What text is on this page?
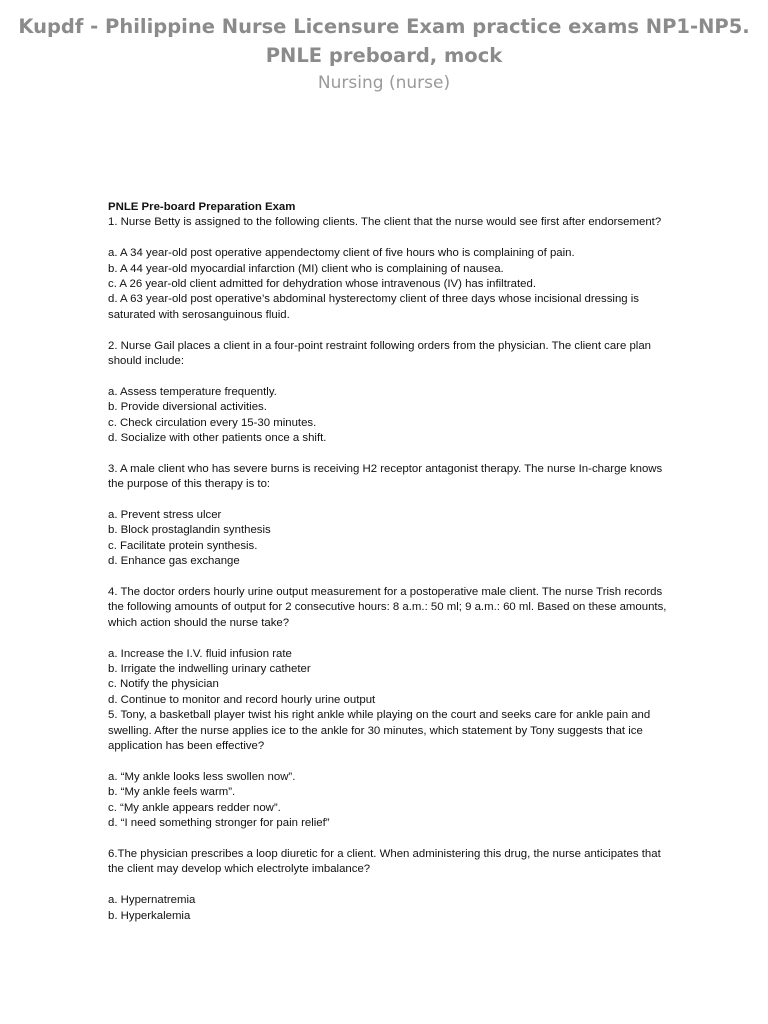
Kupdf - Philippine Nurse Licensure Exam practice exams NP1-NP5. PNLE preboard, mock
Nursing (nurse)

PNLE Pre-board Preparation Exam

1. Nurse Betty is assigned to the following clients. The client that the nurse would see first after endorsement?

a. A 34 year-old post operative appendectomy client of five hours who is complaining of pain.

b. A 44 year-old myocardial infarction (MI) client who is complaining of nausea.

c. A 26 year-old client admitted for dehydration whose intravenous (IV) has infiltrated.

d. A 63 year-old post operative’s abdominal hysterectomy client of three days whose incisional dressing is saturated with serosanguinous fluid.

2. Nurse Gail places a client in a four-point restraint following orders from the physician. The client care plan should include:

a. Assess temperature frequently.

b. Provide diversional activities.

c. Check circulation every 15-30 minutes.

d. Socialize with other patients once a shift.

3. A male client who has severe burns is receiving H2 receptor antagonist therapy. The nurse In-charge knows the purpose of this therapy is to:

a. Prevent stress ulcer

b. Block prostaglandin synthesis

c. Facilitate protein synthesis.

d. Enhance gas exchange

4. The doctor orders hourly urine output measurement for a postoperative male client. The nurse Trish records the following amounts of output for 2 consecutive hours: 8 a.m.: 50 ml; 9 a.m.: 60 ml. Based on these amounts, which action should the nurse take?

a. Increase the I.V. fluid infusion rate

b. Irrigate the indwelling urinary catheter

c. Notify the physician

d. Continue to monitor and record hourly urine output

5. Tony, a basketball player twist his right ankle while playing on the court and seeks care for ankle pain and swelling. After the nurse applies ice to the ankle for 30 minutes, which statement by Tony suggests that ice application has been effective?

a. “My ankle looks less swollen now”.

b. “My ankle feels warm”.

c. “My ankle appears redder now”.

d. “I need something stronger for pain relief”

6.The physician prescribes a loop diuretic for a client. When administering this drug, the nurse anticipates that the client may develop which electrolyte imbalance?

a. Hypernatremia

b. Hyperkalemia
